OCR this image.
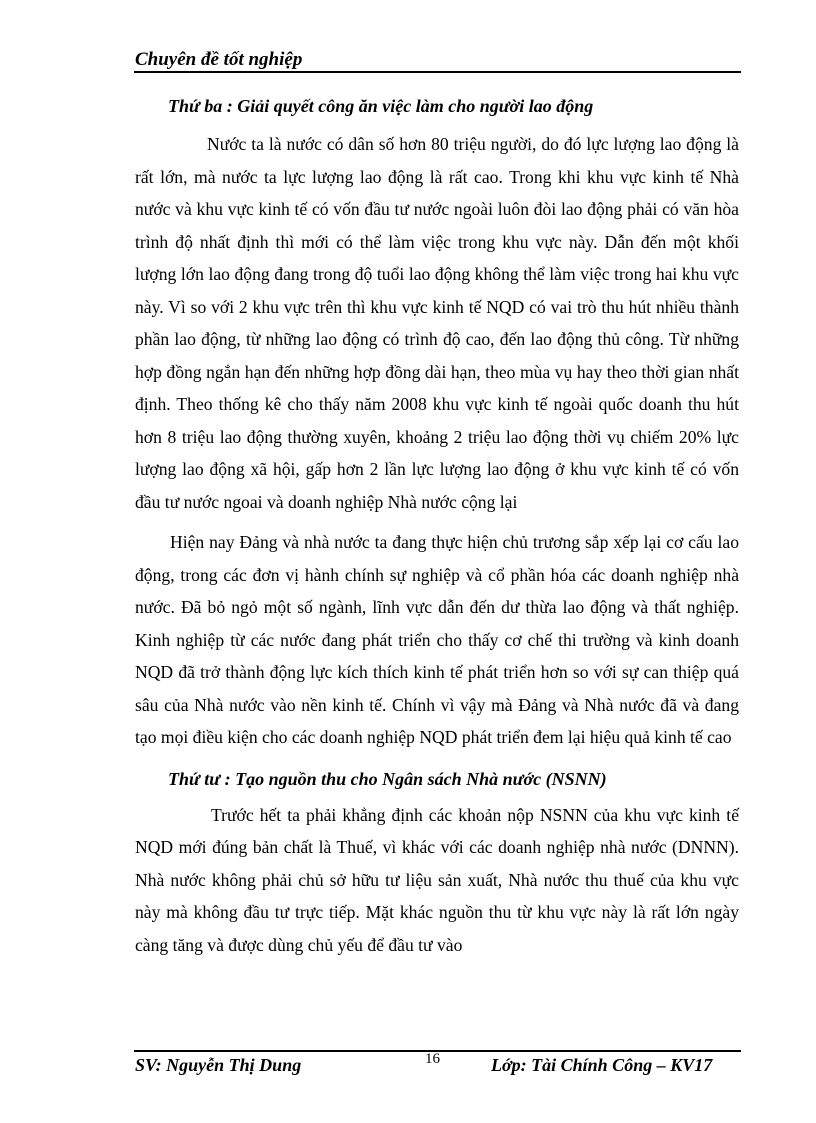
Chuyên đề tốt nghiệp
Thứ ba : Giải quyết công ăn việc làm cho người lao động

Nước ta là nước có dân số hơn 80 triệu người, do đó lực lượng lao động là rất lớn, mà nước ta lực lượng lao động là rất cao. Trong khi khu vực kinh tế Nhà nước và khu vực kinh tế có vốn đầu tư nước ngoài luôn đòi lao động phải có văn hòa trình độ nhất định thì mới có thể làm việc trong khu vực này. Dẫn đến một khối lượng lớn lao động đang trong độ tuổi lao động không thể làm việc trong hai khu vực này. Vì so với 2 khu vực trên thì khu vực kinh tế NQD có vai trò thu hút nhiều thành phần lao động, từ những lao động có trình độ cao, đến lao động thủ công. Từ những hợp đồng ngắn hạn đến những hợp đồng dài hạn, theo mùa vụ hay theo thời gian nhất định. Theo thống kê cho thấy năm 2008 khu vực kinh tế ngoài quốc doanh thu hút hơn 8 triệu lao động thường xuyên, khoảng 2 triệu lao động thời vụ chiếm 20% lực lượng lao động xã hội, gấp hơn 2 lần lực lượng lao động ở khu vực kinh tế có vốn đầu tư nước ngoai và doanh nghiệp Nhà nước cộng lại

Hiện nay Đảng và nhà nước ta đang thực hiện chủ trương sắp xếp lại cơ cấu lao động, trong các đơn vị hành chính sự nghiệp và cổ phần hóa các doanh nghiệp nhà nước. Đã bỏ ngỏ một số ngành, lĩnh vực dẫn đến dư thừa lao động và thất nghiệp. Kinh nghiệp từ các nước đang phát triển cho thấy cơ chế thi trường và kinh doanh NQD đã trở thành động lực kích thích kinh tế phát triển hơn so với sự can thiệp quá sâu của Nhà nước vào nền kinh tế. Chính vì vậy mà Đảng và Nhà nước đã và đang tạo mọi điều kiện cho các doanh nghiệp NQD phát triển đem lại hiệu quả kinh tế cao

Thứ tư : Tạo nguồn thu cho Ngân sách Nhà nước (NSNN)

Trước hết ta phải khẳng định các khoản nộp NSNN của khu vực kinh tế NQD mới đúng bản chất là Thuế, vì khác với các doanh nghiệp nhà nước (DNNN). Nhà nước không phải chủ sở hữu tư liệu sản xuất, Nhà nước thu thuế của khu vực này mà không đầu tư trực tiếp. Mặt khác nguồn thu từ khu vực này là rất lớn ngày càng tăng và được dùng chủ yếu để đầu tư vào

SV: Nguyễn Thị Dung	16	Lớp: Tài Chính Công – KV17
